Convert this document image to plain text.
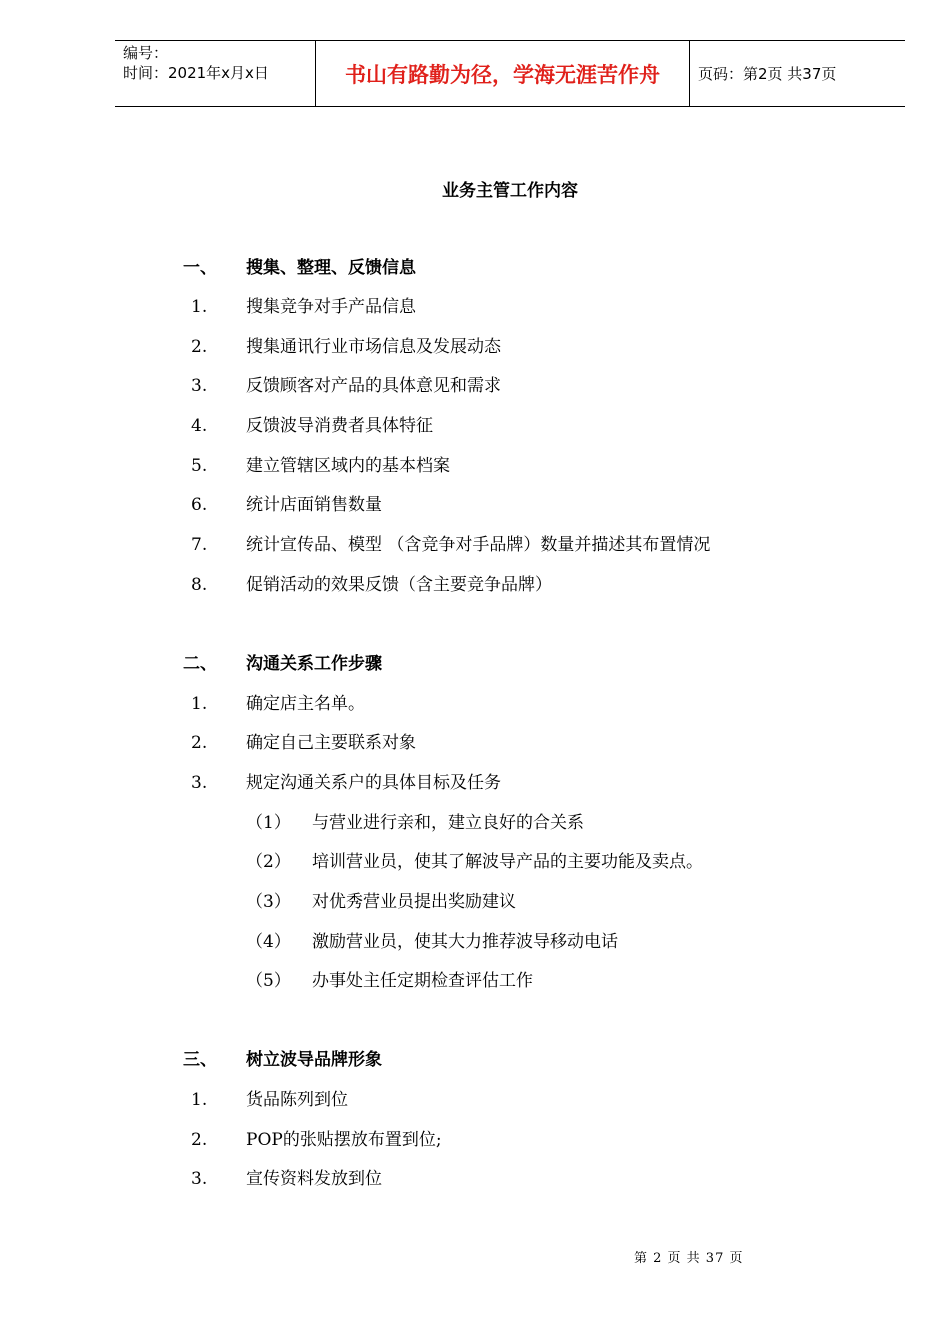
编号：
时间：2021年x月x日	书山有路勤为径，学海无涯苦作舟	页码：第2页 共37页
业务主管工作内容
一、 搜集、整理、反馈信息
1. 搜集竞争对手产品信息
2. 搜集通讯行业市场信息及发展动态
3. 反馈顾客对产品的具体意见和需求
4. 反馈波导消费者具体特征
5. 建立管辖区域内的基本档案
6. 统计店面销售数量
7. 统计宣传品、模型 （含竞争对手品牌）数量并描述其布置情况
8. 促销活动的效果反馈（含主要竞争品牌）
二、 沟通关系工作步骤
1. 确定店主名单。
2. 确定自己主要联系对象
3. 规定沟通关系户的具体目标及任务
（1） 与营业进行亲和，建立良好的合关系
（2） 培训营业员，使其了解波导产品的主要功能及卖点。
（3） 对优秀营业员提出奖励建议
（4） 激励营业员，使其大力推荐波导移动电话
（5） 办事处主任定期检查评估工作
三、 树立波导品牌形象
1. 货品陈列到位
2. POP的张贴摆放布置到位;
3. 宣传资料发放到位
第 2 页 共 37 页
